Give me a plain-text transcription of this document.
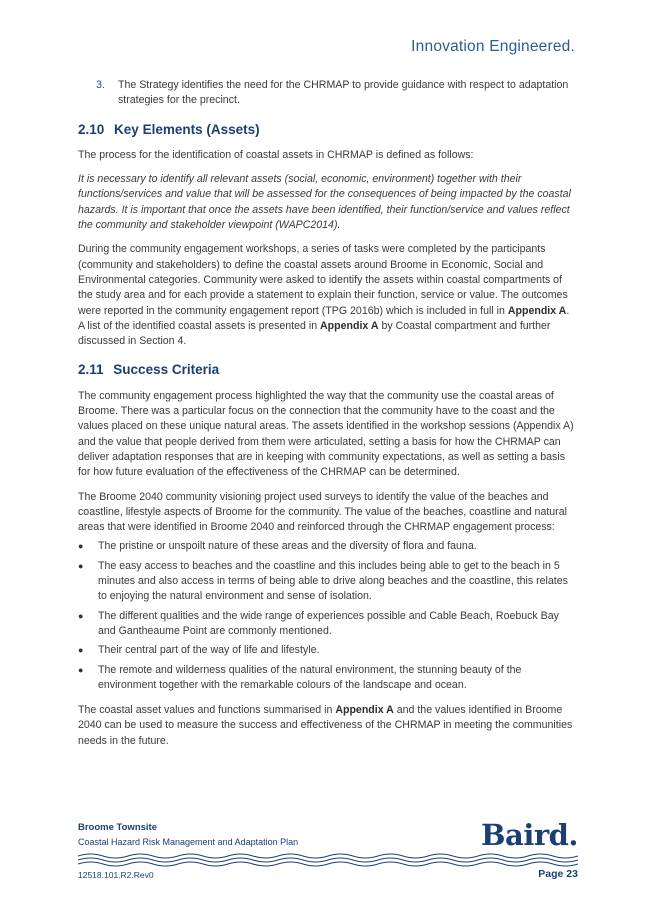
Innovation Engineered.
3.	The Strategy identifies the need for the CHRMAP to provide guidance with respect to adaptation strategies for the precinct.
2.10 Key Elements (Assets)

The process for the identification of coastal assets in CHRMAP is defined as follows:

It is necessary to identify all relevant assets (social, economic, environment) together with their functions/services and value that will be assessed for the consequences of being impacted by the coastal hazards. It is important that once the assets have been identified, their function/service and values reflect the community and stakeholder viewpoint (WAPC2014).

During the community engagement workshops, a series of tasks were completed by the participants (community and stakeholders) to define the coastal assets around Broome in Economic, Social and Environmental categories. Community were asked to identify the assets within coastal compartments of the study area and for each provide a statement to explain their function, service or value. The outcomes were reported in the community engagement report (TPG 2016b) which is included in full in Appendix A. A list of the identified coastal assets is presented in Appendix A by Coastal compartment and further discussed in Section 4.

2.11 Success Criteria

The community engagement process highlighted the way that the community use the coastal areas of Broome. There was a particular focus on the connection that the community have to the coast and the values placed on these unique natural areas. The assets identified in the workshop sessions (Appendix A) and the value that people derived from them were articulated, setting a basis for how the CHRMAP can deliver adaptation responses that are in keeping with community expectations, as well as setting a basis for how future evaluation of the effectiveness of the CHRMAP can be determined.

The Broome 2040 community visioning project used surveys to identify the value of the beaches and coastline, lifestyle aspects of Broome for the community. The value of the beaches, coastline and natural areas that were identified in Broome 2040 and reinforced through the CHRMAP engagement process:

●	The pristine or unspoilt nature of these areas and the diversity of flora and fauna.
●	The easy access to beaches and the coastline and this includes being able to get to the beach in 5 minutes and also access in terms of being able to drive along beaches and the coastline, this relates to enjoying the natural environment and sense of isolation.
●	The different qualities and the wide range of experiences possible and Cable Beach, Roebuck Bay and Gantheaume Point are commonly mentioned.
●	Their central part of the way of life and lifestyle.
●	The remote and wilderness qualities of the natural environment, the stunning beauty of the environment together with the remarkable colours of the landscape and ocean.

The coastal asset values and functions summarised in Appendix A and the values identified in Broome 2040 can be used to measure the success and effectiveness of the CHRMAP in meeting the communities needs in the future.

Broome Townsite
Coastal Hazard Risk Management and Adaptation Plan	Baird.
12518.101.R2.Rev0	Page 23
